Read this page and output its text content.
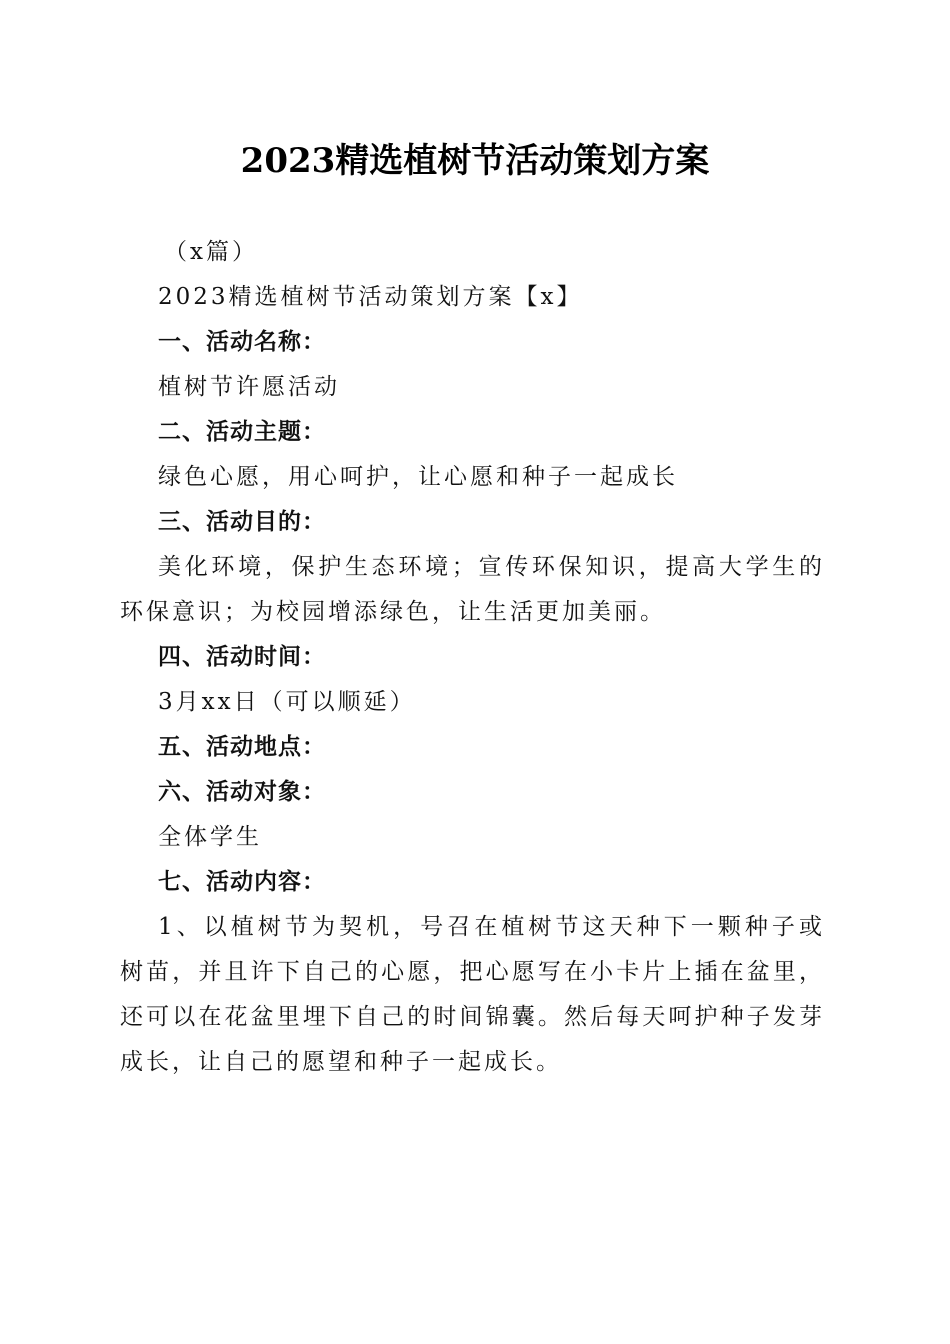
2023精选植树节活动策划方案

（x篇）

2023精选植树节活动策划方案【x】

一、活动名称：

植树节许愿活动

二、活动主题：

绿色心愿，用心呵护，让心愿和种子一起成长

三、活动目的：

美化环境，保护生态环境；宣传环保知识，提高大学生的环保意识；为校园增添绿色，让生活更加美丽。

四、活动时间：

3月xx日（可以顺延）

五、活动地点：

六、活动对象：

全体学生

七、活动内容：

1、以植树节为契机，号召在植树节这天种下一颗种子或树苗，并且许下自己的心愿，把心愿写在小卡片上插在盆里，还可以在花盆里埋下自己的时间锦囊。然后每天呵护种子发芽成长，让自己的愿望和种子一起成长。
